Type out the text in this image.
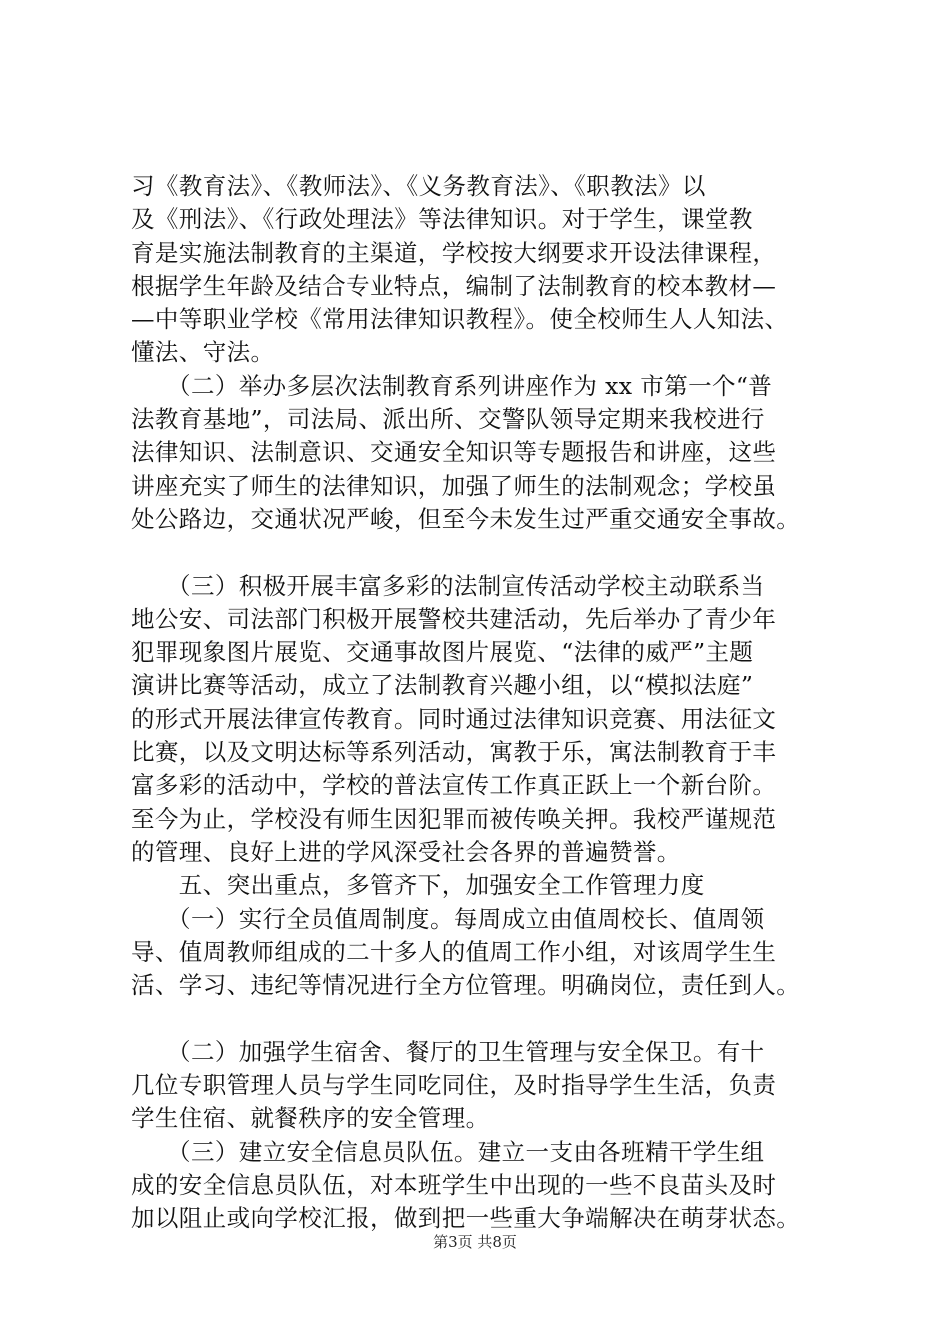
习《教育法》、《教师法》、《义务教育法》、《职教法》以
及《刑法》、《行政处理法》等法律知识。对于学生，课堂教
育是实施法制教育的主渠道，学校按大纲要求开设法律课程，
根据学生年龄及结合专业特点，编制了法制教育的校本教材—
—中等职业学校《常用法律知识教程》。使全校师生人人知法、
懂法、守法。
　　（二）举办多层次法制教育系列讲座作为 xx 市第一个“普
法教育基地”，司法局、派出所、交警队领导定期来我校进行
法律知识、法制意识、交通安全知识等专题报告和讲座，这些
讲座充实了师生的法律知识，加强了师生的法制观念；学校虽
处公路边，交通状况严峻，但至今未发生过严重交通安全事故。
　　（三）积极开展丰富多彩的法制宣传活动学校主动联系当
地公安、司法部门积极开展警校共建活动，先后举办了青少年
犯罪现象图片展览、交通事故图片展览、“法律的威严”主题
演讲比赛等活动，成立了法制教育兴趣小组，以“模拟法庭”
的形式开展法律宣传教育。同时通过法律知识竞赛、用法征文
比赛，以及文明达标等系列活动，寓教于乐，寓法制教育于丰
富多彩的活动中，学校的普法宣传工作真正跃上一个新台阶。
至今为止，学校没有师生因犯罪而被传唤关押。我校严谨规范
的管理、良好上进的学风深受社会各界的普遍赞誉。
　　五、突出重点，多管齐下，加强安全工作管理力度
　　（一）实行全员值周制度。每周成立由值周校长、值周领
导、值周教师组成的二十多人的值周工作小组，对该周学生生
活、学习、违纪等情况进行全方位管理。明确岗位，责任到人。
　　（二）加强学生宿舍、餐厅的卫生管理与安全保卫。有十
几位专职管理人员与学生同吃同住，及时指导学生生活，负责
学生住宿、就餐秩序的安全管理。
　　（三）建立安全信息员队伍。建立一支由各班精干学生组
成的安全信息员队伍，对本班学生中出现的一些不良苗头及时
加以阻止或向学校汇报，做到把一些重大争端解决在萌芽状态。
第3页 共8页
